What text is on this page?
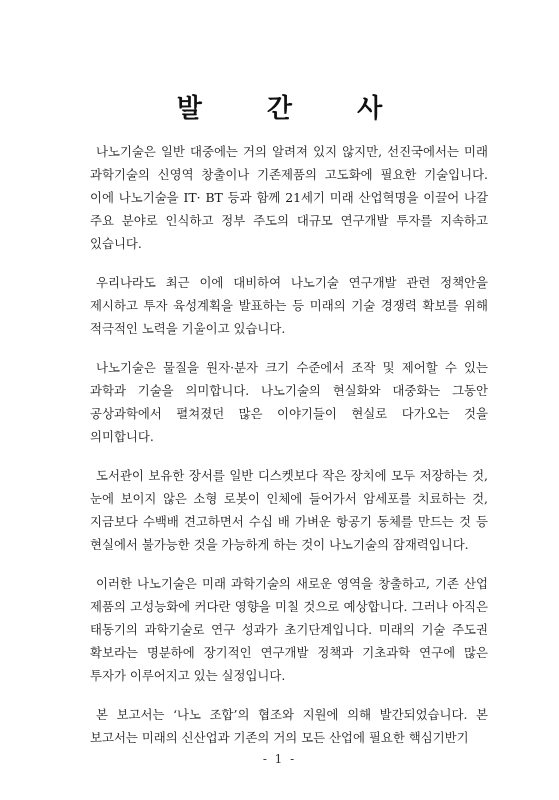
발 간 사

나노기술은 일반 대중에는 거의 알려져 있지 않지만, 선진국에서는 미래 과학기술의 신영역 창출이나 기존제품의 고도화에 필요한 기술입니다. 이에 나노기술을 IT· BT 등과 함께 21세기 미래 산업혁명을 이끌어 나갈 주요 분야로 인식하고 정부 주도의 대규모 연구개발 투자를 지속하고 있습니다.

우리나라도 최근 이에 대비하여 나노기술 연구개발 관련 정책안을 제시하고 투자 육성계획을 발표하는 등 미래의 기술 경쟁력 확보를 위해 적극적인 노력을 기울이고 있습니다.

나노기술은 물질을 원자·분자 크기 수준에서 조작 및 제어할 수 있는 과학과 기술을 의미합니다. 나노기술의 현실화와 대중화는 그동안 공상과학에서 펼쳐졌던 많은 이야기들이 현실로 다가오는 것을 의미합니다.

도서관이 보유한 장서를 일반 디스켓보다 작은 장치에 모두 저장하는 것, 눈에 보이지 않은 소형 로봇이 인체에 들어가서 암세포를 치료하는 것, 지금보다 수백배 견고하면서 수십 배 가벼운 항공기 동체를 만드는 것 등 현실에서 불가능한 것을 가능하게 하는 것이 나노기술의 잠재력입니다.

이러한 나노기술은 미래 과학기술의 새로운 영역을 창출하고, 기존 산업 제품의 고성능화에 커다란 영향을 미칠 것으로 예상합니다. 그러나 아직은 태동기의 과학기술로 연구 성과가 초기단계입니다. 미래의 기술 주도권 확보라는 명분하에 장기적인 연구개발 정책과 기초과학 연구에 많은 투자가 이루어지고 있는 실정입니다.

본 보고서는 ‘나노 조합’의 협조와 지원에 의해 발간되었습니다. 본 보고서는 미래의 신산업과 기존의 거의 모든 산업에 필요한 핵심기반기

- 1 -
